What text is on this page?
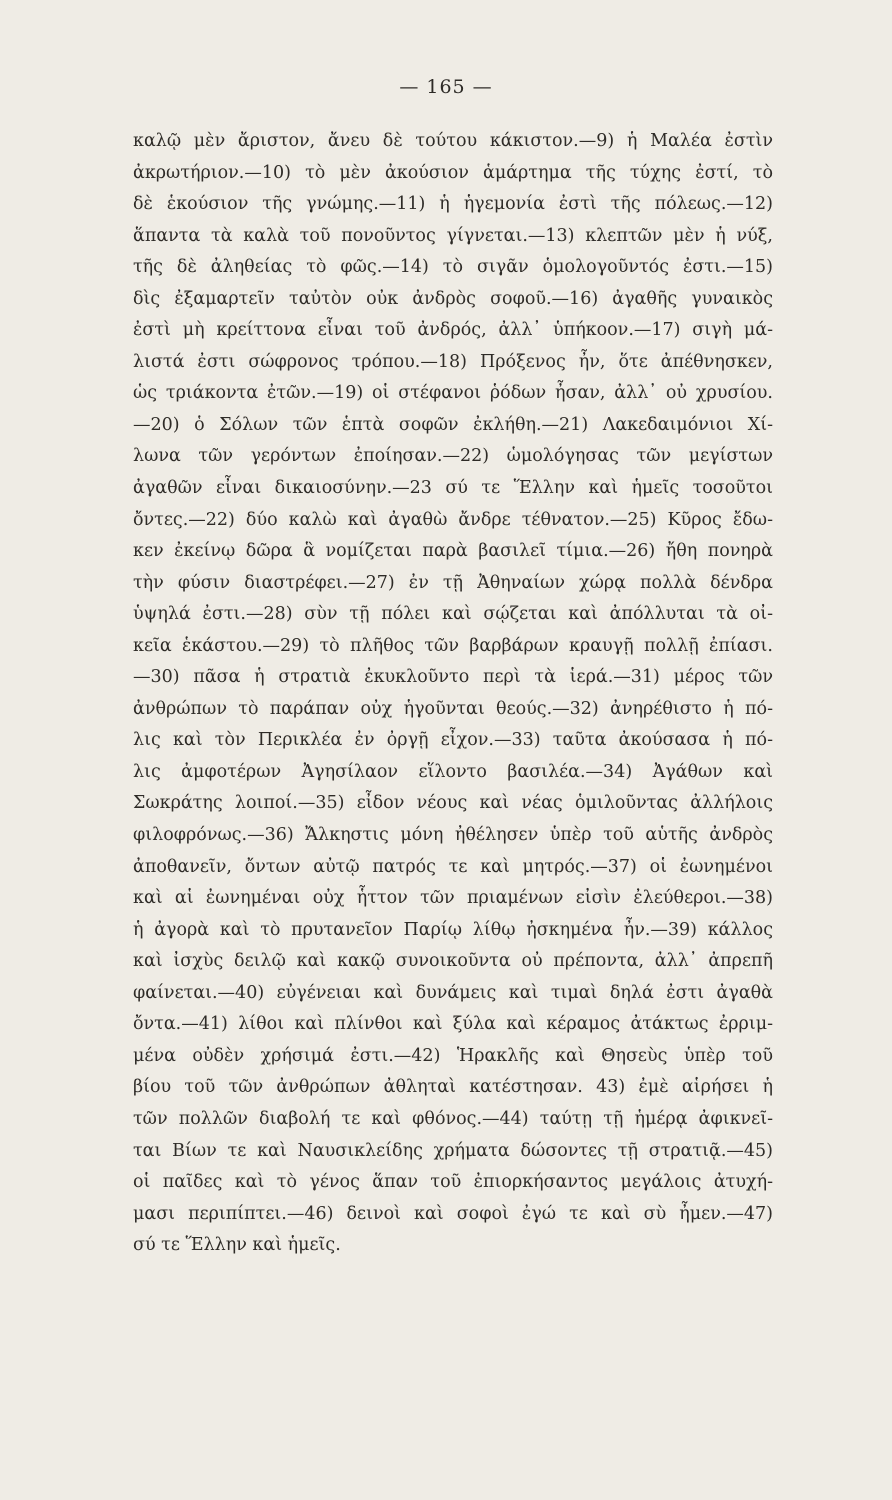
— 165 —
καλῷ μὲν ἄριστον, ἄνευ δὲ τούτου κάκιστον.—9) ἡ Μαλέα ἐστὶν
ἀκρωτήριον.—10) τὸ μὲν ἀκούσιον ἁμάρτημα τῆς τύχης ἐστί, τὸ
δὲ ἑκούσιον τῆς γνώμης.—11) ἡ ἡγεμονία ἐστὶ τῆς πόλεως.—12)
ἅπαντα τὰ καλὰ τοῦ πονοῦντος γίγνεται.—13) κλεπτῶν μὲν ἡ νύξ,
τῆς δὲ ἀληθείας τὸ φῶς.—14) τὸ σιγᾶν ὁμολογοῦντός ἐστι.—15)
δὶς ἐξαμαρτεῖν ταὐτὸν οὐκ ἀνδρὸς σοφοῦ.—16) ἀγαθῆς γυναικὸς
ἐστὶ μὴ κρείττονα εἶναι τοῦ ἀνδρός, ἀλλ᾽ ὑπήκοον.—17) σιγὴ μά-
λιστά ἐστι σώφρονος τρόπου.—18) Πρόξενος ἦν, ὅτε ἀπέθνησκεν,
ὡς τριάκοντα ἐτῶν.—19) οἱ στέφανοι ῥόδων ἦσαν, ἀλλ᾽ οὐ χρυσίου.
—20) ὁ Σόλων τῶν ἑπτὰ σοφῶν ἐκλήθη.—21) Λακεδαιμόνιοι Χί-
λωνα τῶν γερόντων ἐποίησαν.—22) ὡμολόγησας τῶν μεγίστων
ἀγαθῶν εἶναι δικαιοσύνην.—23 σύ τε Ἕλλην καὶ ἡμεῖς τοσοῦτοι
ὄντες.—22) δύο καλὼ καὶ ἀγαθὼ ἄνδρε τέθνατον.—25) Κῦρος ἔδω-
κεν ἐκείνῳ δῶρα ἃ νομίζεται παρὰ βασιλεῖ τίμια.—26) ἤθη πονηρὰ
τὴν φύσιν διαστρέφει.—27) ἐν τῇ Ἀθηναίων χώρᾳ πολλὰ δένδρα
ὑψηλά ἐστι.—28) σὺν τῇ πόλει καὶ σῴζεται καὶ ἀπόλλυται τὰ οἰ-
κεῖα ἑκάστου.—29) τὸ πλῆθος τῶν βαρβάρων κραυγῇ πολλῇ ἐπίασι.
—30) πᾶσα ἡ στρατιὰ ἐκυκλοῦντο περὶ τὰ ἱερά.—31) μέρος τῶν
ἀνθρώπων τὸ παράπαν οὐχ ἡγοῦνται θεούς.—32) ἀνηρέθιστο ἡ πό-
λις καὶ τὸν Περικλέα ἐν ὀργῇ εἶχον.—33) ταῦτα ἀκούσασα ἡ πό-
λις ἀμφοτέρων Ἀγησίλαον εἵλοντο βασιλέα.—34) Ἀγάθων καὶ
Σωκράτης λοιποί.—35) εἶδον νέους καὶ νέας ὁμιλοῦντας ἀλλήλοις
φιλοφρόνως.—36) Ἄλκηστις μόνη ἠθέλησεν ὑπὲρ τοῦ αὑτῆς ἀνδρὸς
ἀποθανεῖν, ὄντων αὐτῷ πατρός τε καὶ μητρός.—37) οἱ ἐωνημένοι
καὶ αἱ ἐωνημέναι οὐχ ἧττον τῶν πριαμένων εἰσὶν ἐλεύθεροι.—38)
ἡ ἀγορὰ καὶ τὸ πρυτανεῖον Παρίῳ λίθῳ ἠσκημένα ἦν.—39) κάλλος
καὶ ἰσχὺς δειλῷ καὶ κακῷ συνοικοῦντα οὐ πρέποντα, ἀλλ᾽ ἀπρεπῆ
φαίνεται.—40) εὐγένειαι καὶ δυνάμεις καὶ τιμαὶ δηλά ἐστι ἀγαθὰ
ὄντα.—41) λίθοι καὶ πλίνθοι καὶ ξύλα καὶ κέραμος ἀτάκτως ἐρριμ-
μένα οὐδὲν χρήσιμά ἐστι.—42) Ἡρακλῆς καὶ Θησεὺς ὑπὲρ τοῦ
βίου τοῦ τῶν ἀνθρώπων ἀθληταὶ κατέστησαν. 43) ἐμὲ αἱρήσει ἡ
τῶν πολλῶν διαβολή τε καὶ φθόνος.—44) ταύτῃ τῇ ἡμέρᾳ ἀφικνεῖ-
ται Βίων τε καὶ Ναυσικλείδης χρήματα δώσοντες τῇ στρατιᾷ.—45)
οἱ παῖδες καὶ τὸ γένος ἅπαν τοῦ ἐπιορκήσαντος μεγάλοις ἀτυχή-
μασι περιπίπτει.—46) δεινοὶ καὶ σοφοὶ ἐγώ τε καὶ σὺ ἦμεν.—47)
σύ τε Ἕλλην καὶ ἡμεῖς.
